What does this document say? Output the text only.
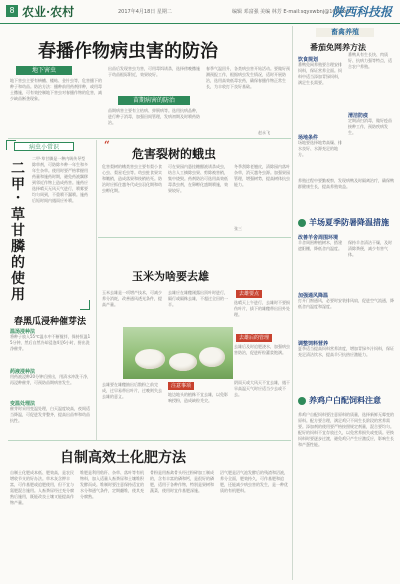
8 农业·农村	2017年4月18日 星期二	编辑 邓富强 美编 林芳 E-mail:sqyxwbnj@163.com
陕西科技报
春播作物病虫害的防治
地下害虫
地下害虫主要有蛴螬、蝼蛄、金针虫等，危害播下的种子和幼苗。防治方法：播种前用药剂拌种，或用毒土撒施，可有效控制地下害虫对春播作物的危害，减少缺苗断垄现象。
出苗后发现害虫为害，可用毒饵诱杀，选择傍晚撒施于幼苗根际附近，效果较好。
苗期病害的防治
苗期病害主要有立枯病、猝倒病等。选用抗病品种，进行种子消毒，加强田间管理，发病初期及时喷药防治。
春季气温回升，各类病虫害开始活动。要做好预测预报工作，根据病虫发生情况，适时开展防治，选用高效低毒农药，确保春播作物正常生长，为丰收打下良好基础。
赵永飞
病虫小常识
二
甲
·
草
甘
膦
的
使
用
二甲·草甘膦是一种内吸传导型除草剂，可防除多种一年生和多年生杂草。使用时要严格掌握用药量和施药时期，避免药液飘移到邻近作物上造成药害。施药应选择晴天无风天气进行，喷雾要均匀周到，不重喷不漏喷。施药后短时间内遇雨应补喷。
春黑瓜浸种催芽法
温汤浸种法
将种子放入55℃温水中不断搅拌，保持恒温15分钟，然后自然冷却浸泡4至6小时，捞出洗净催芽。
药液浸种法
用药液浸种20分钟后捞出，用清水冲洗干净，再浸种催芽，可预防苗期病害发生。
变温处理法
催芽时采用变温处理，白天温度较高，夜间适当降温，可促进发芽整齐，提高出苗率和幼苗抗性。
“
危害裂树的蛾虫
危害梨树的蛾类害虫主要有梨小食心虫、梨星毛虫等。幼虫蛀食果实和嫩梢，造成落果和枝梢枯死。防治时应抓住越冬代成虫羽化期和幼虫孵化期。
可在果园内悬挂糖醋液诱杀成虫，结合人工摘除虫果、剪除被害梢，集中烧毁。药剂防治可选用高效低毒杀虫剂，在卵孵化盛期喷施，效果较好。
冬季刮除老翘皮，清除园内落叶杂草，消灭越冬虫源。加强果园管理，增强树势，提高树体抗虫能力。
张三
玉米为啥要去雄
玉米去雄是一项增产技术，可减少养分消耗，改善通风透光条件，提高产量。
去雄应在雄穗刚露出顶叶时进行，隔行或隔株去雄，不超过全田的一半。
去雄要点
选晴天上午进行，去雄时不要损伤叶片，拔下的雄穗带出田外处理。
去雄后的管理
去雄后及时追肥浇水，加强病虫害防治，促进籽粒灌浆饱满。
去雄要在雄穗抽出后散粉之前完成，过早易带出叶片，过晚则失去去雄的意义。
注意事项
地边地头的植株不宜去雄，以免影响授粉，造成缺粒秃尖。
阴雨天或大风天不宜去雄，遇干旱高温天气时应适当少去或不去。
自制高效土化肥方法
自制土化肥成本低、肥效高，是农民增收节支的好办法。草木灰含钾丰富，可作基肥或追肥使用，但不宜与氮肥混合施用。人畜粪尿经过充分腐熟后施用，既能改良土壤又能提高作物产量。
堆肥是利用秸秆、杂草、落叶等有机物料，加入适量人畜粪尿和土壤堆积发酵而成。堆制时要注意保持适宜的水分和通气条件，定期翻堆，使其充分腐熟。
骨粉是用畜禽骨头经过粉碎加工制成的，含有丰富的磷和钙，是很好的磷肥，适用于各种作物，特别是果树和蔬菜，使用时宜作基肥深施。
沼气肥是沼气池发酵后的残渣和沼液，养分全面，肥效持久，可作基肥和追肥，还能减少病虫害的发生，是一种优质的有机肥料。
畜禽养殖
番茄免网养方法
饮食规划
番鸭免网养殖要合理安排饲料，保证营养全面。饲料中适当添加青绿饲料，满足生长需要。
场地条件
场地要选择地势高燥、排水良好、水源充足的地方。
番鸭具有生长快、肉质好、抗病力强等特点，适合农户养殖。
清洁防疫
定期清扫消毒，做好疫苗接种工作，预防疾病发生。
养殖过程中要勤观察，发现病鸭及时隔离治疗，确保鸭群健康生长，提高养殖效益。
羊场夏季防暑降温措施
改善羊舍周围环境
羊舍周围种植树木，搭建遮阳棚，降低舍内温度。
保持羊舍清洁干燥，及时清除粪便，减少有害气体。
加强通风降温
打开门窗通风，必要时安装排风扇，促进空气流通，降低舍内温度和湿度。
调整饲料营养
夏季适当提高饲料营养浓度，增加青绿多汁饲料，保证充足清洁饮水，提高羊只抗热应激能力。
养鸡户白配饲料注意
养鸡户自配饲料要注意原料的质量，选择新鲜无霉变的原料。配方要合理，满足鸡只不同生长阶段的营养需要。添加剂的使用要严格按照规定剂量，混合要均匀。配好的饲料不宜存放过久，以免营养损失或变质。更换饲料时要逐步过渡，避免鸡只产生应激反应，影响生长和产蛋性能。
